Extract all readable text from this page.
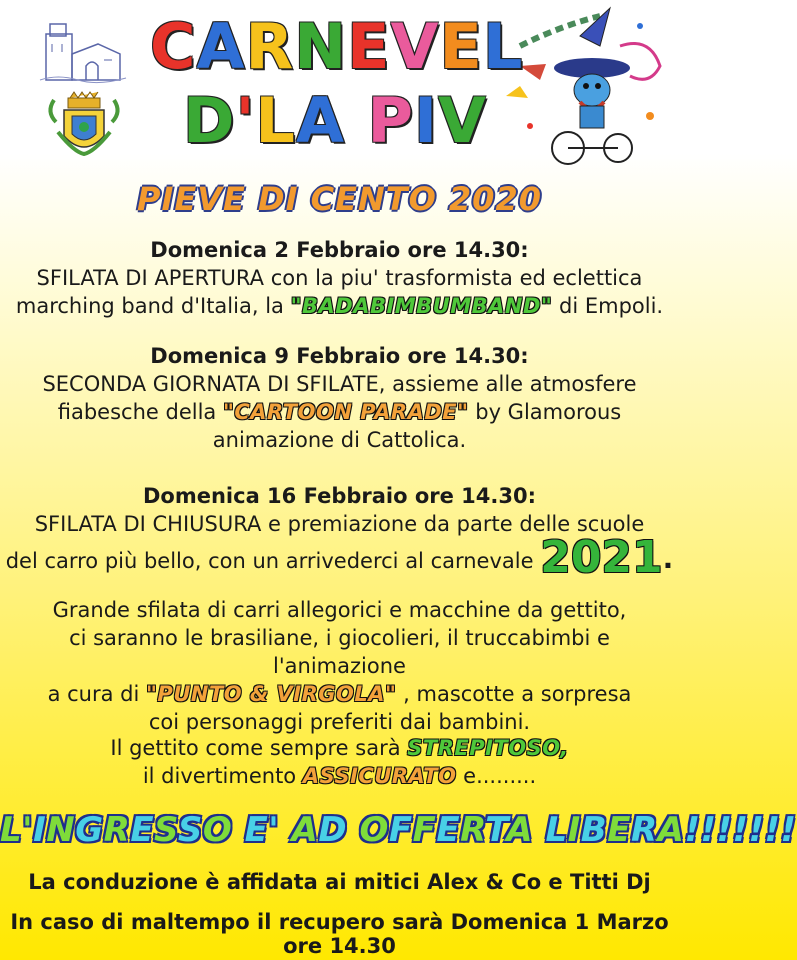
CARNEVEL
D'LA PIV
PIEVE DI CENTO 2020
Domenica 2 Febbraio ore 14.30:
SFILATA DI APERTURA con la piu' trasformista ed eclettica
marching band d'Italia, la "BADABIMBUMBAND" di Empoli.
Domenica 9 Febbraio ore 14.30:
SECONDA GIORNATA DI SFILATE, assieme alle atmosfere
fiabesche della "CARTOON PARADE" by Glamorous
animazione di Cattolica.
Domenica 16 Febbraio ore 14.30:
SFILATA DI CHIUSURA e premiazione da parte delle scuole
del carro più bello, con un arrivederci al carnevale 2021.
Grande sfilata di carri allegorici e macchine da gettito,
ci saranno le brasiliane, i giocolieri, il truccabimbi e l'animazione
a cura di "PUNTO & VIRGOLA" , mascotte a sorpresa
coi personaggi preferiti dai bambini.
Il gettito come sempre sarà STREPITOSO,
il divertimento ASSICURATO e.........
L'INGRESSO E' AD OFFERTA LIBERA!!!!!!!
La conduzione è affidata ai mitici Alex & Co e Titti Dj
In caso di maltempo il recupero sarà Domenica 1 Marzo ore 14.30
